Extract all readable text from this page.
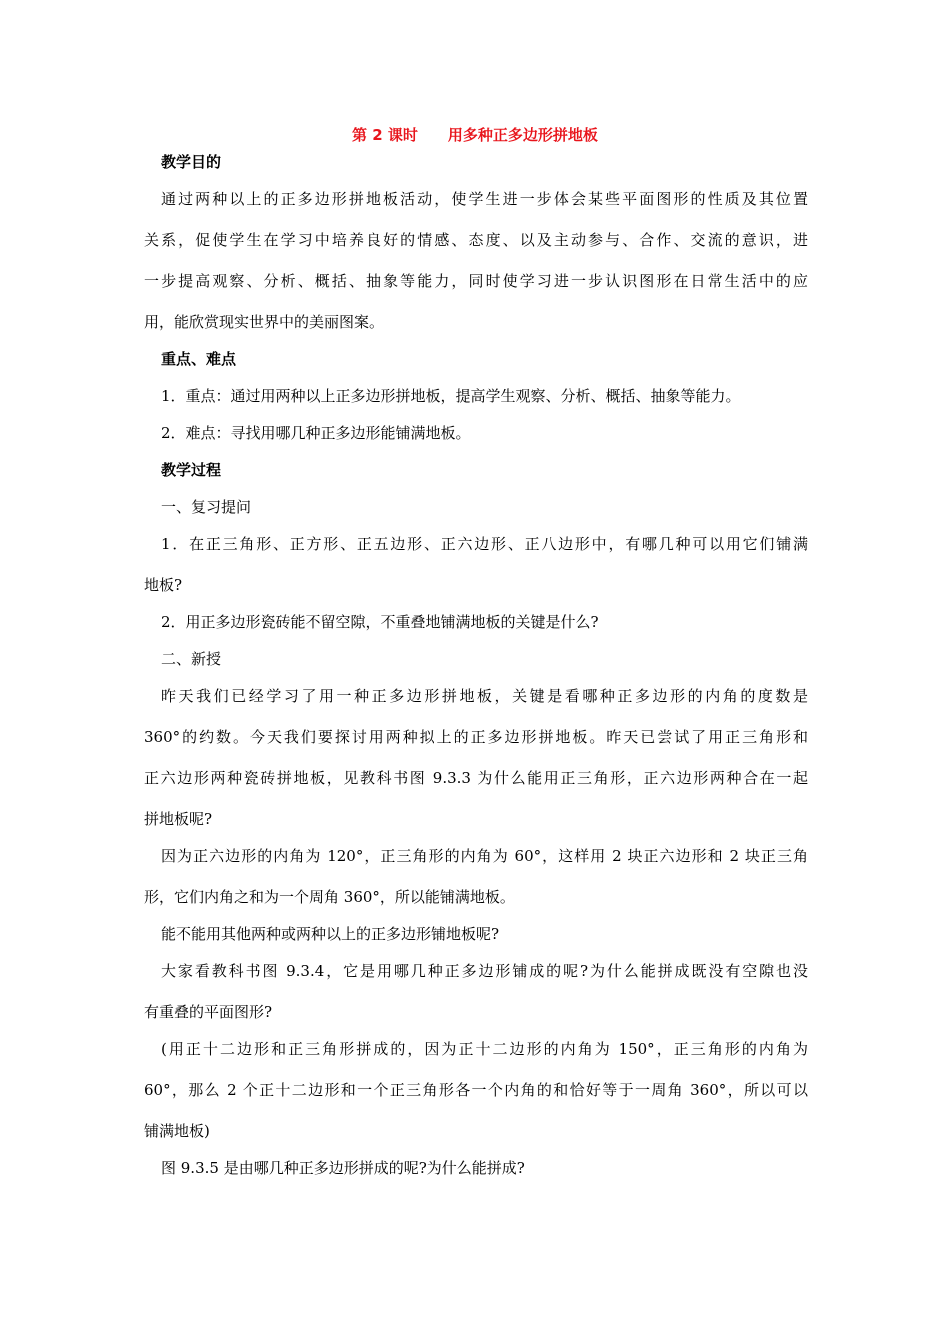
第 2 课时　　用多种正多边形拼地板
教学目的
通过两种以上的正多边形拼地板活动，使学生进一步体会某些平面图形的性质及其位置
关系，促使学生在学习中培养良好的情感、态度、以及主动参与、合作、交流的意识，进
一步提高观察、分析、概括、抽象等能力，同时使学习进一步认识图形在日常生活中的应
用，能欣赏现实世界中的美丽图案。
重点、难点
1．重点：通过用两种以上正多边形拼地板，提高学生观察、分析、概括、抽象等能力。
2．难点：寻找用哪几种正多边形能铺满地板。
教学过程
一、复习提问
1．在正三角形、正方形、正五边形、正六边形、正八边形中，有哪几种可以用它们铺满
地板?
2．用正多边形瓷砖能不留空隙，不重叠地铺满地板的关键是什么?
二、新授
昨天我们已经学习了用一种正多边形拼地板，关键是看哪种正多边形的内角的度数是
360°的约数。今天我们要探讨用两种拟上的正多边形拼地板。昨天已尝试了用正三角形和
正六边形两种瓷砖拼地板，见教科书图 9.3.3 为什么能用正三角形，正六边形两种合在一起
拼地板呢?
因为正六边形的内角为 120°，正三角形的内角为 60°，这样用 2 块正六边形和 2 块正三角
形，它们内角之和为一个周角 360°，所以能铺满地板。
能不能用其他两种或两种以上的正多边形铺地板呢?
大家看教科书图 9.3.4，它是用哪几种正多边形铺成的呢?为什么能拼成既没有空隙也没
有重叠的平面图形?
(用正十二边形和正三角形拼成的，因为正十二边形的内角为 150°，正三角形的内角为
60°，那么 2 个正十二边形和一个正三角形各一个内角的和恰好等于一周角 360°，所以可以
铺满地板)
图 9.3.5 是由哪几种正多边形拼成的呢?为什么能拼成?
